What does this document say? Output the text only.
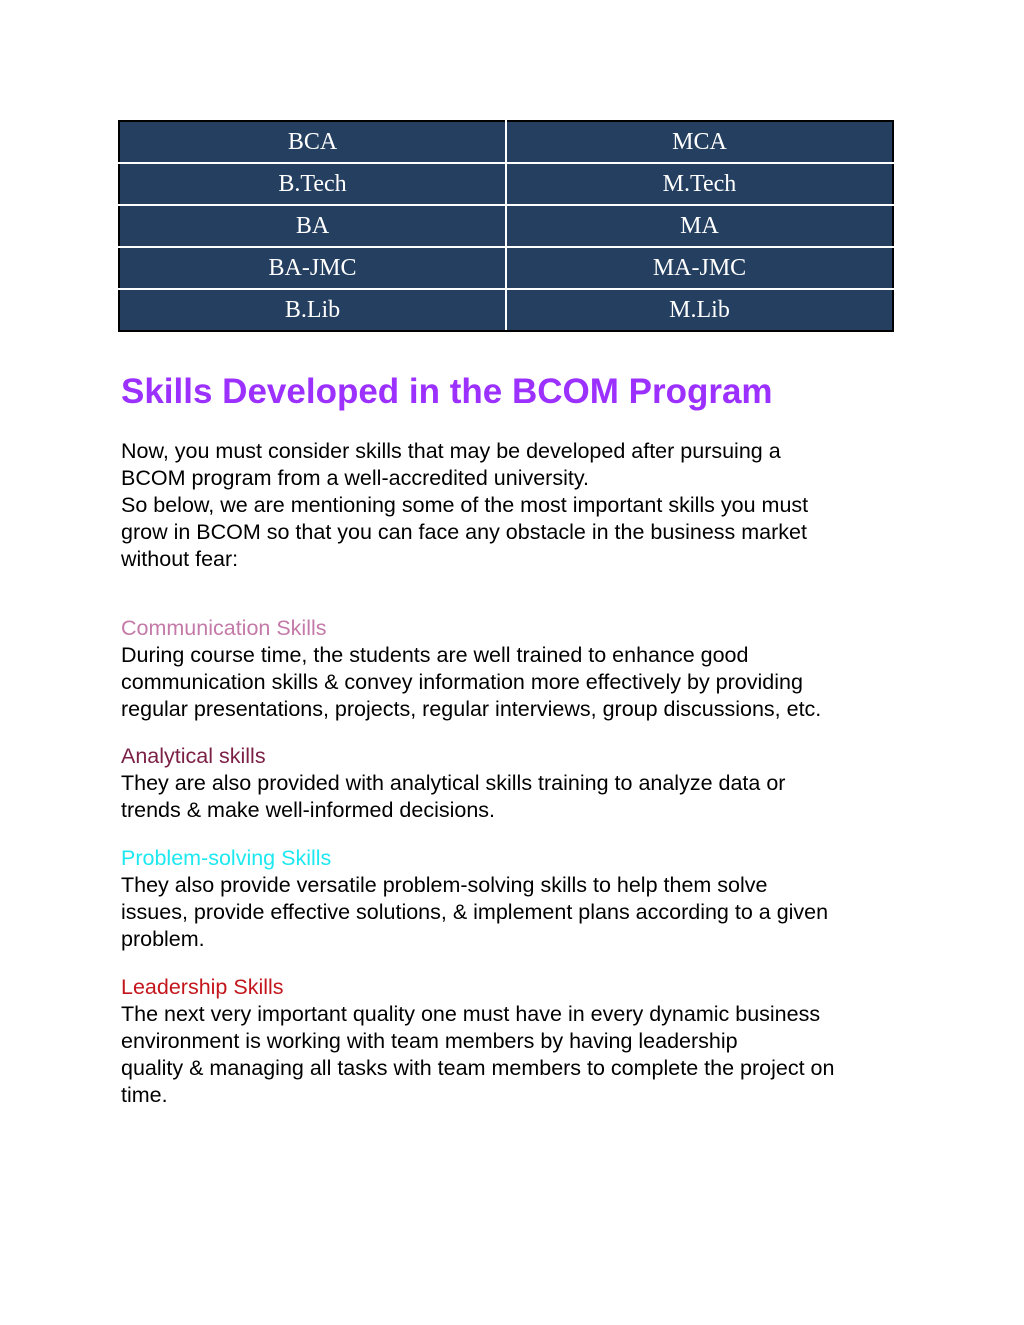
BCA	MCA
B.Tech	M.Tech
BA	MA
BA-JMC	MA-JMC
B.Lib	M.Lib
Skills Developed in the BCOM Program
Now, you must consider skills that may be developed after pursuing a
BCOM program from a well-accredited university.
So below, we are mentioning some of the most important skills you must
grow in BCOM so that you can face any obstacle in the business market
without fear:
Communication Skills
During course time, the students are well trained to enhance good
communication skills & convey information more effectively by providing
regular presentations, projects, regular interviews, group discussions, etc.
Analytical skills
They are also provided with analytical skills training to analyze data or
trends & make well-informed decisions.
Problem-solving Skills
They also provide versatile problem-solving skills to help them solve
issues, provide effective solutions, & implement plans according to a given
problem.
Leadership Skills
The next very important quality one must have in every dynamic business
environment is working with team members by having leadership
quality & managing all tasks with team members to complete the project on
time.
